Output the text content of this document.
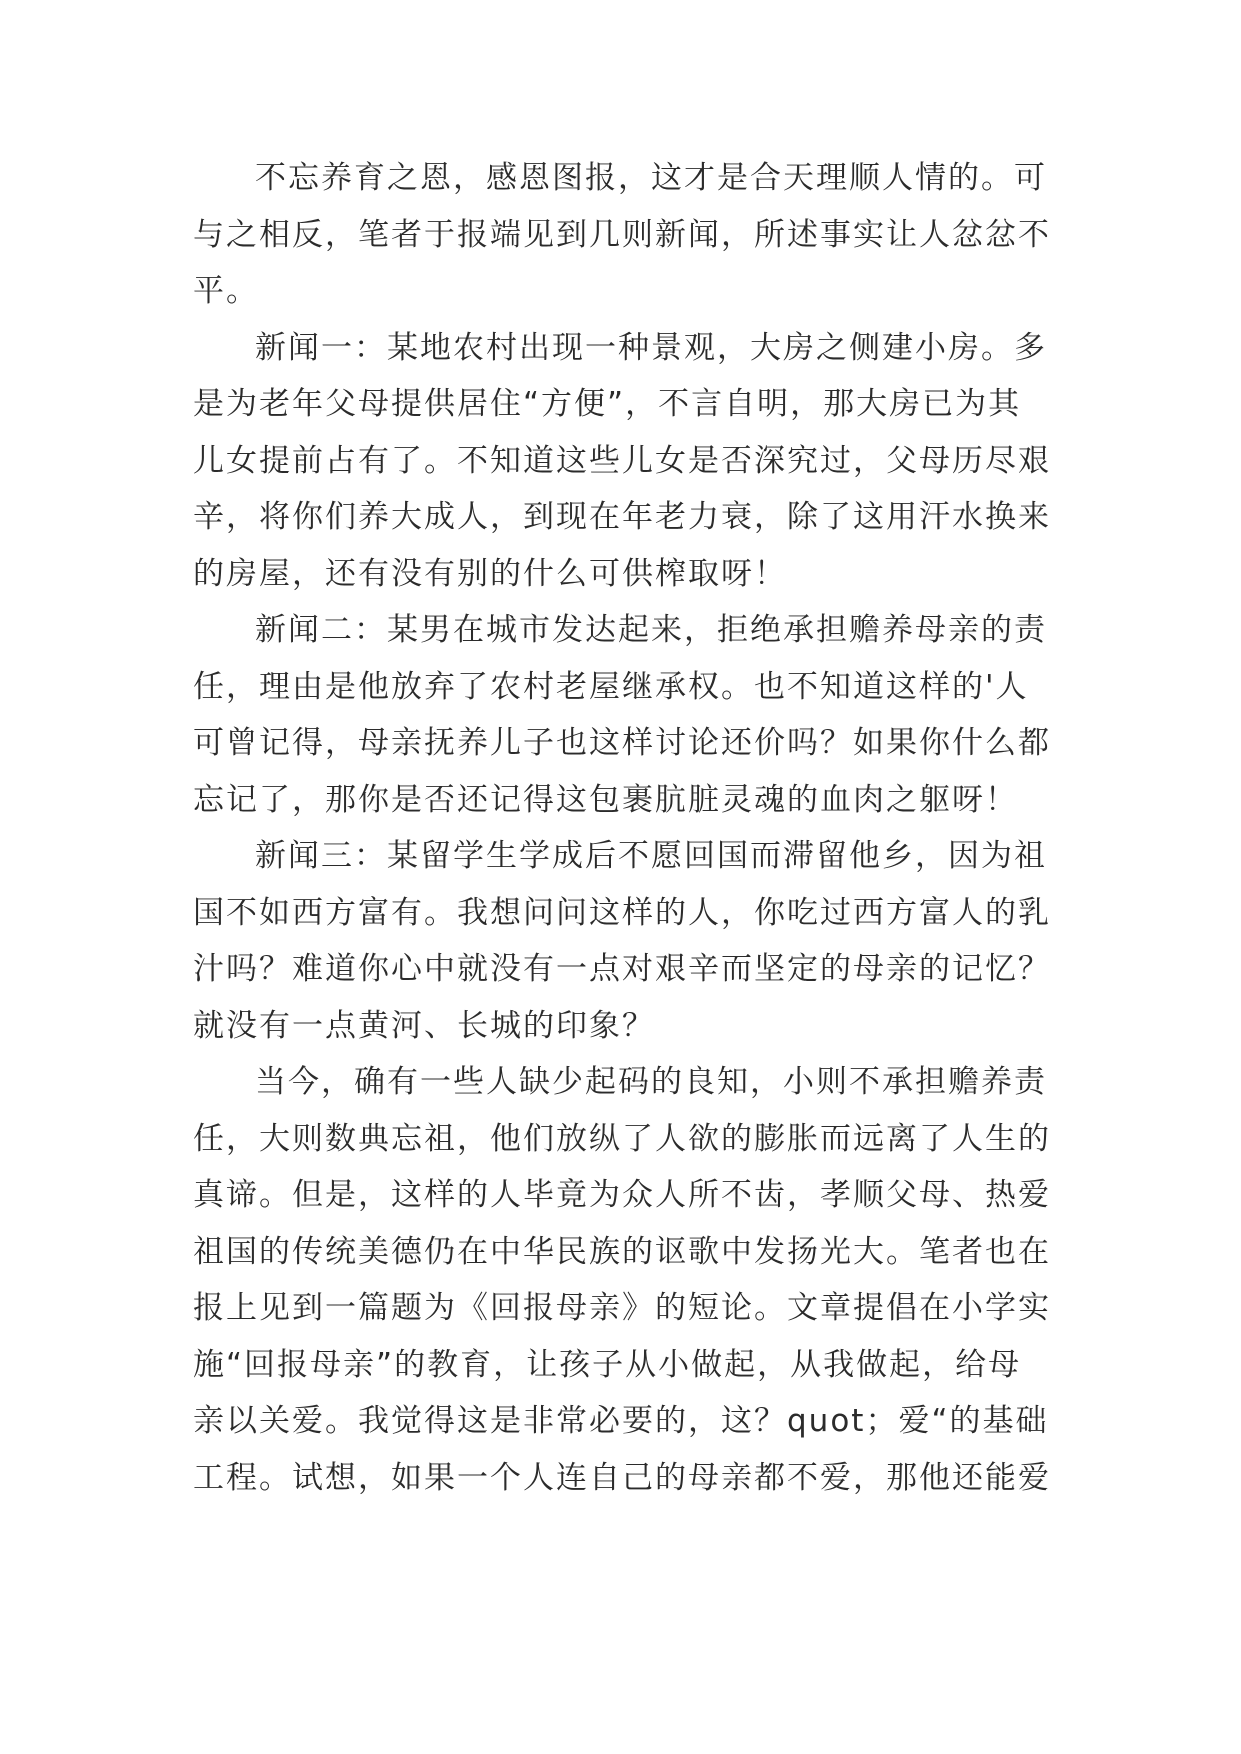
不忘养育之恩，感恩图报，这才是合天理顺人情的。可
与之相反，笔者于报端见到几则新闻，所述事实让人忿忿不
平。
新闻一：某地农村出现一种景观，大房之侧建小房。多
是为老年父母提供居住“方便”，不言自明，那大房已为其
儿女提前占有了。不知道这些儿女是否深究过，父母历尽艰
辛，将你们养大成人，到现在年老力衰，除了这用汗水换来
的房屋，还有没有别的什么可供榨取呀！
新闻二：某男在城市发达起来，拒绝承担赡养母亲的责
任，理由是他放弃了农村老屋继承权。也不知道这样的'人
可曾记得，母亲抚养儿子也这样讨论还价吗？如果你什么都
忘记了，那你是否还记得这包裹肮脏灵魂的血肉之躯呀！
新闻三：某留学生学成后不愿回国而滞留他乡，因为祖
国不如西方富有。我想问问这样的人，你吃过西方富人的乳
汁吗？难道你心中就没有一点对艰辛而坚定的母亲的记忆？
就没有一点黄河、长城的印象？
当今，确有一些人缺少起码的良知，小则不承担赡养责
任，大则数典忘祖，他们放纵了人欲的膨胀而远离了人生的
真谛。但是，这样的人毕竟为众人所不齿，孝顺父母、热爱
祖国的传统美德仍在中华民族的讴歌中发扬光大。笔者也在
报上见到一篇题为《回报母亲》的短论。文章提倡在小学实
施“回报母亲”的教育，让孩子从小做起，从我做起，给母
亲以关爱。我觉得这是非常必要的，这？quot；爱“的基础
工程。试想，如果一个人连自己的母亲都不爱，那他还能爱
